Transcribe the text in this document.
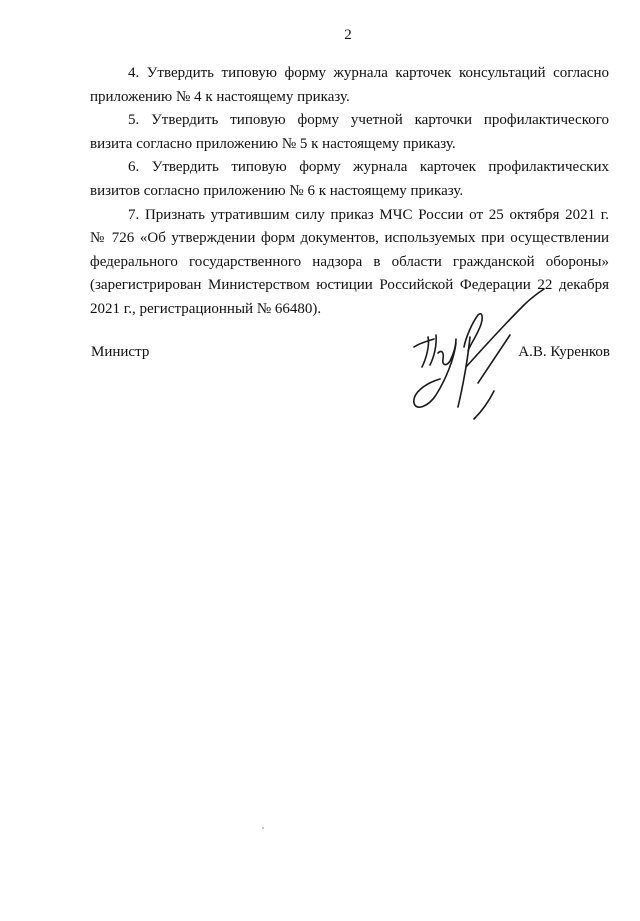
2

4. Утвердить типовую форму журнала карточек консультаций согласно
приложению № 4 к настоящему приказу.

5. Утвердить типовую форму учетной карточки профилактического
визита согласно приложению № 5 к настоящему приказу.

6. Утвердить типовую форму журнала карточек профилактических
визитов согласно приложению № 6 к настоящему приказу.

7. Признать утратившим силу приказ МЧС России от 25 октября 2021 г.
№ 726 «Об утверждении форм документов, используемых при осуществлении
федерального государственного надзора в области гражданской обороны»
(зарегистрирован Министерством юстиции Российской Федерации 22 декабря
2021 г., регистрационный № 66480).

Министр	А.В. Куренков
